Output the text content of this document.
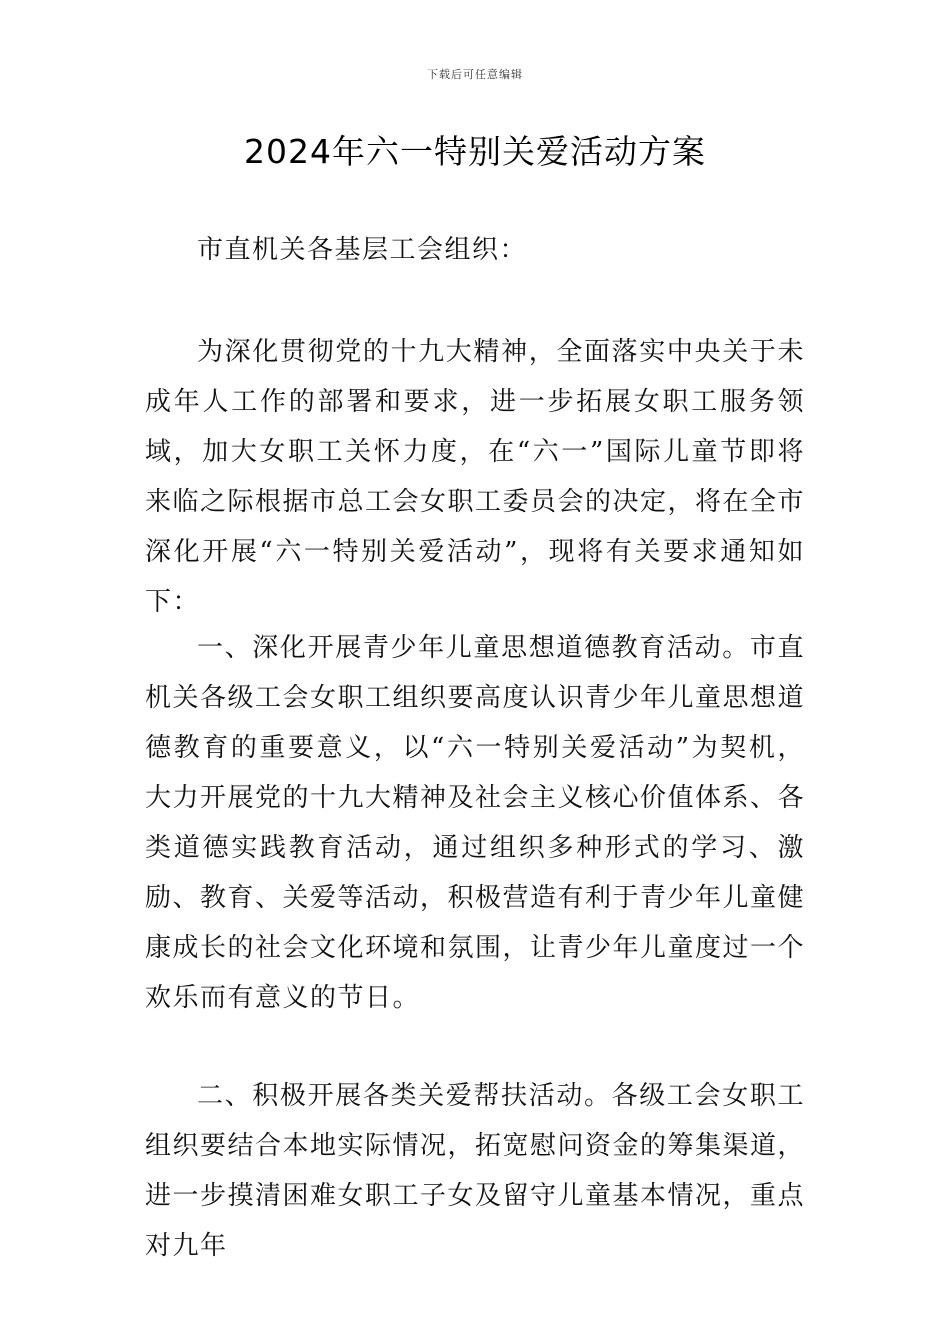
下载后可任意编辑
2024年六一特别关爱活动方案

市直机关各基层工会组织：

为深化贯彻党的十九大精神，全面落实中央关于未成年人工作的部署和要求，进一步拓展女职工服务领域，加大女职工关怀力度，在“六一”国际儿童节即将来临之际根据市总工会女职工委员会的决定，将在全市深化开展“六一特别关爱活动”，现将有关要求通知如下：

一、深化开展青少年儿童思想道德教育活动。市直机关各级工会女职工组织要高度认识青少年儿童思想道德教育的重要意义，以“六一特别关爱活动”为契机，大力开展党的十九大精神及社会主义核心价值体系、各类道德实践教育活动，通过组织多种形式的学习、激励、教育、关爱等活动，积极营造有利于青少年儿童健康成长的社会文化环境和氛围，让青少年儿童度过一个欢乐而有意义的节日。

二、积极开展各类关爱帮扶活动。各级工会女职工组织要结合本地实际情况，拓宽慰问资金的筹集渠道，进一步摸清困难女职工子女及留守儿童基本情况，重点对九年
